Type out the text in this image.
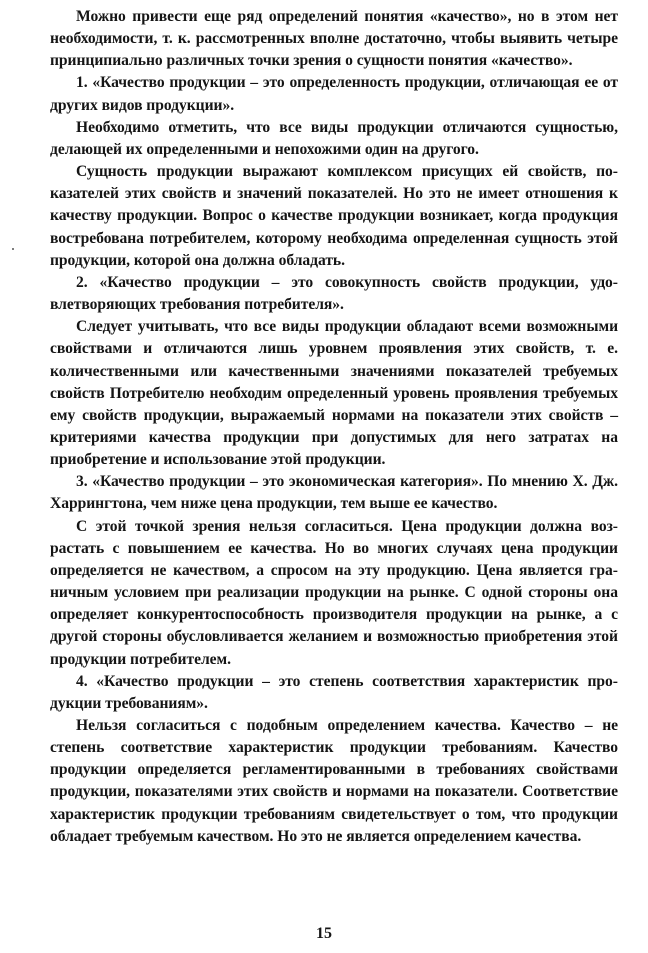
Можно привести еще ряд определений понятия «качество», но в этом нет необходимости, т. к. рассмотренных вполне достаточно, чтобы выявить четыре принципиально различных точки зрения о сущности понятия «качество».

1. «Качество продукции – это определенность продукции, отличающая ее от других видов продукции».

Необходимо отметить, что все виды продукции отличаются сущностью, делающей их определенными и непохожими один на другого.

Сущность продукции выражают комплексом присущих ей свойств, показателей этих свойств и значений показателей. Но это не имеет отношения к качеству продукции. Вопрос о качестве продукции возникает, когда продукция востребована потребителем, которому необходима определенная сущность этой продукции, которой она должна обладать.

2. «Качество продукции – это совокупность свойств продукции, удовлетворяющих требования потребителя».

Следует учитывать, что все виды продукции обладают всеми возможными свойствами и отличаются лишь уровнем проявления этих свойств, т. е. количественными или качественными значениями показателей требуемых свойств Потребителю необходим определенный уровень проявления требуемых ему свойств продукции, выражаемый нормами на показатели этих свойств – критериями качества продукции при допустимых для него затратах на приобретение и использование этой продукции.

3. «Качество продукции – это экономическая категория». По мнению Х. Дж. Харрингтона, чем ниже цена продукции, тем выше ее качество.

С этой точкой зрения нельзя согласиться. Цена продукции должна возрастать с повышением ее качества. Но во многих случаях цена продукции определяется не качеством, а спросом на эту продукцию. Цена является граничным условием при реализации продукции на рынке. С одной стороны она определяет конкурентоспособность производителя продукции на рынке, а с другой стороны обусловливается желанием и возможностью приобретения этой продукции потребителем.

4. «Качество продукции – это степень соответствия характеристик продукции требованиям».

Нельзя согласиться с подобным определением качества. Качество – не степень соответствие характеристик продукции требованиям. Качество продукции определяется регламентированными в требованиях свойствами продукции, показателями этих свойств и нормами на показатели. Соответствие характеристик продукции требованиям свидетельствует о том, что продукции обладает требуемым качеством. Но это не является определением качества.

15
